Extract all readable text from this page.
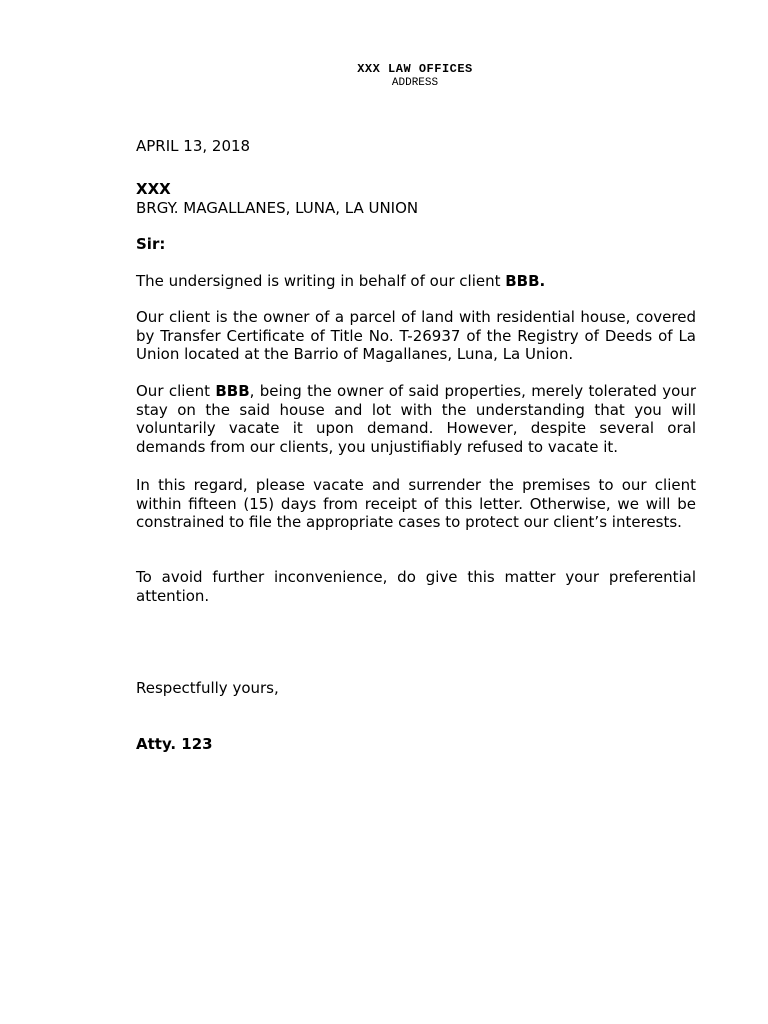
XXX LAW OFFICES
ADDRESS
APRIL 13, 2018
XXX
BRGY. MAGALLANES, LUNA, LA UNION
Sir:

The undersigned is writing in behalf of our client BBB.

Our client is the owner of a parcel of land with residential house, covered by Transfer Certificate of Title No. T-26937 of the Registry of Deeds of La Union located at the Barrio of Magallanes, Luna, La Union.

Our client BBB, being the owner of said properties, merely tolerated your stay on the said house and lot with the understanding that you will voluntarily vacate it upon demand. However, despite several oral demands from our clients, you unjustifiably refused to vacate it.

In this regard, please vacate and surrender the premises to our client within fifteen (15) days from receipt of this letter. Otherwise, we will be constrained to file the appropriate cases to protect our client’s interests.

To avoid further inconvenience, do give this matter your preferential attention.

Respectfully yours,
Atty. 123
